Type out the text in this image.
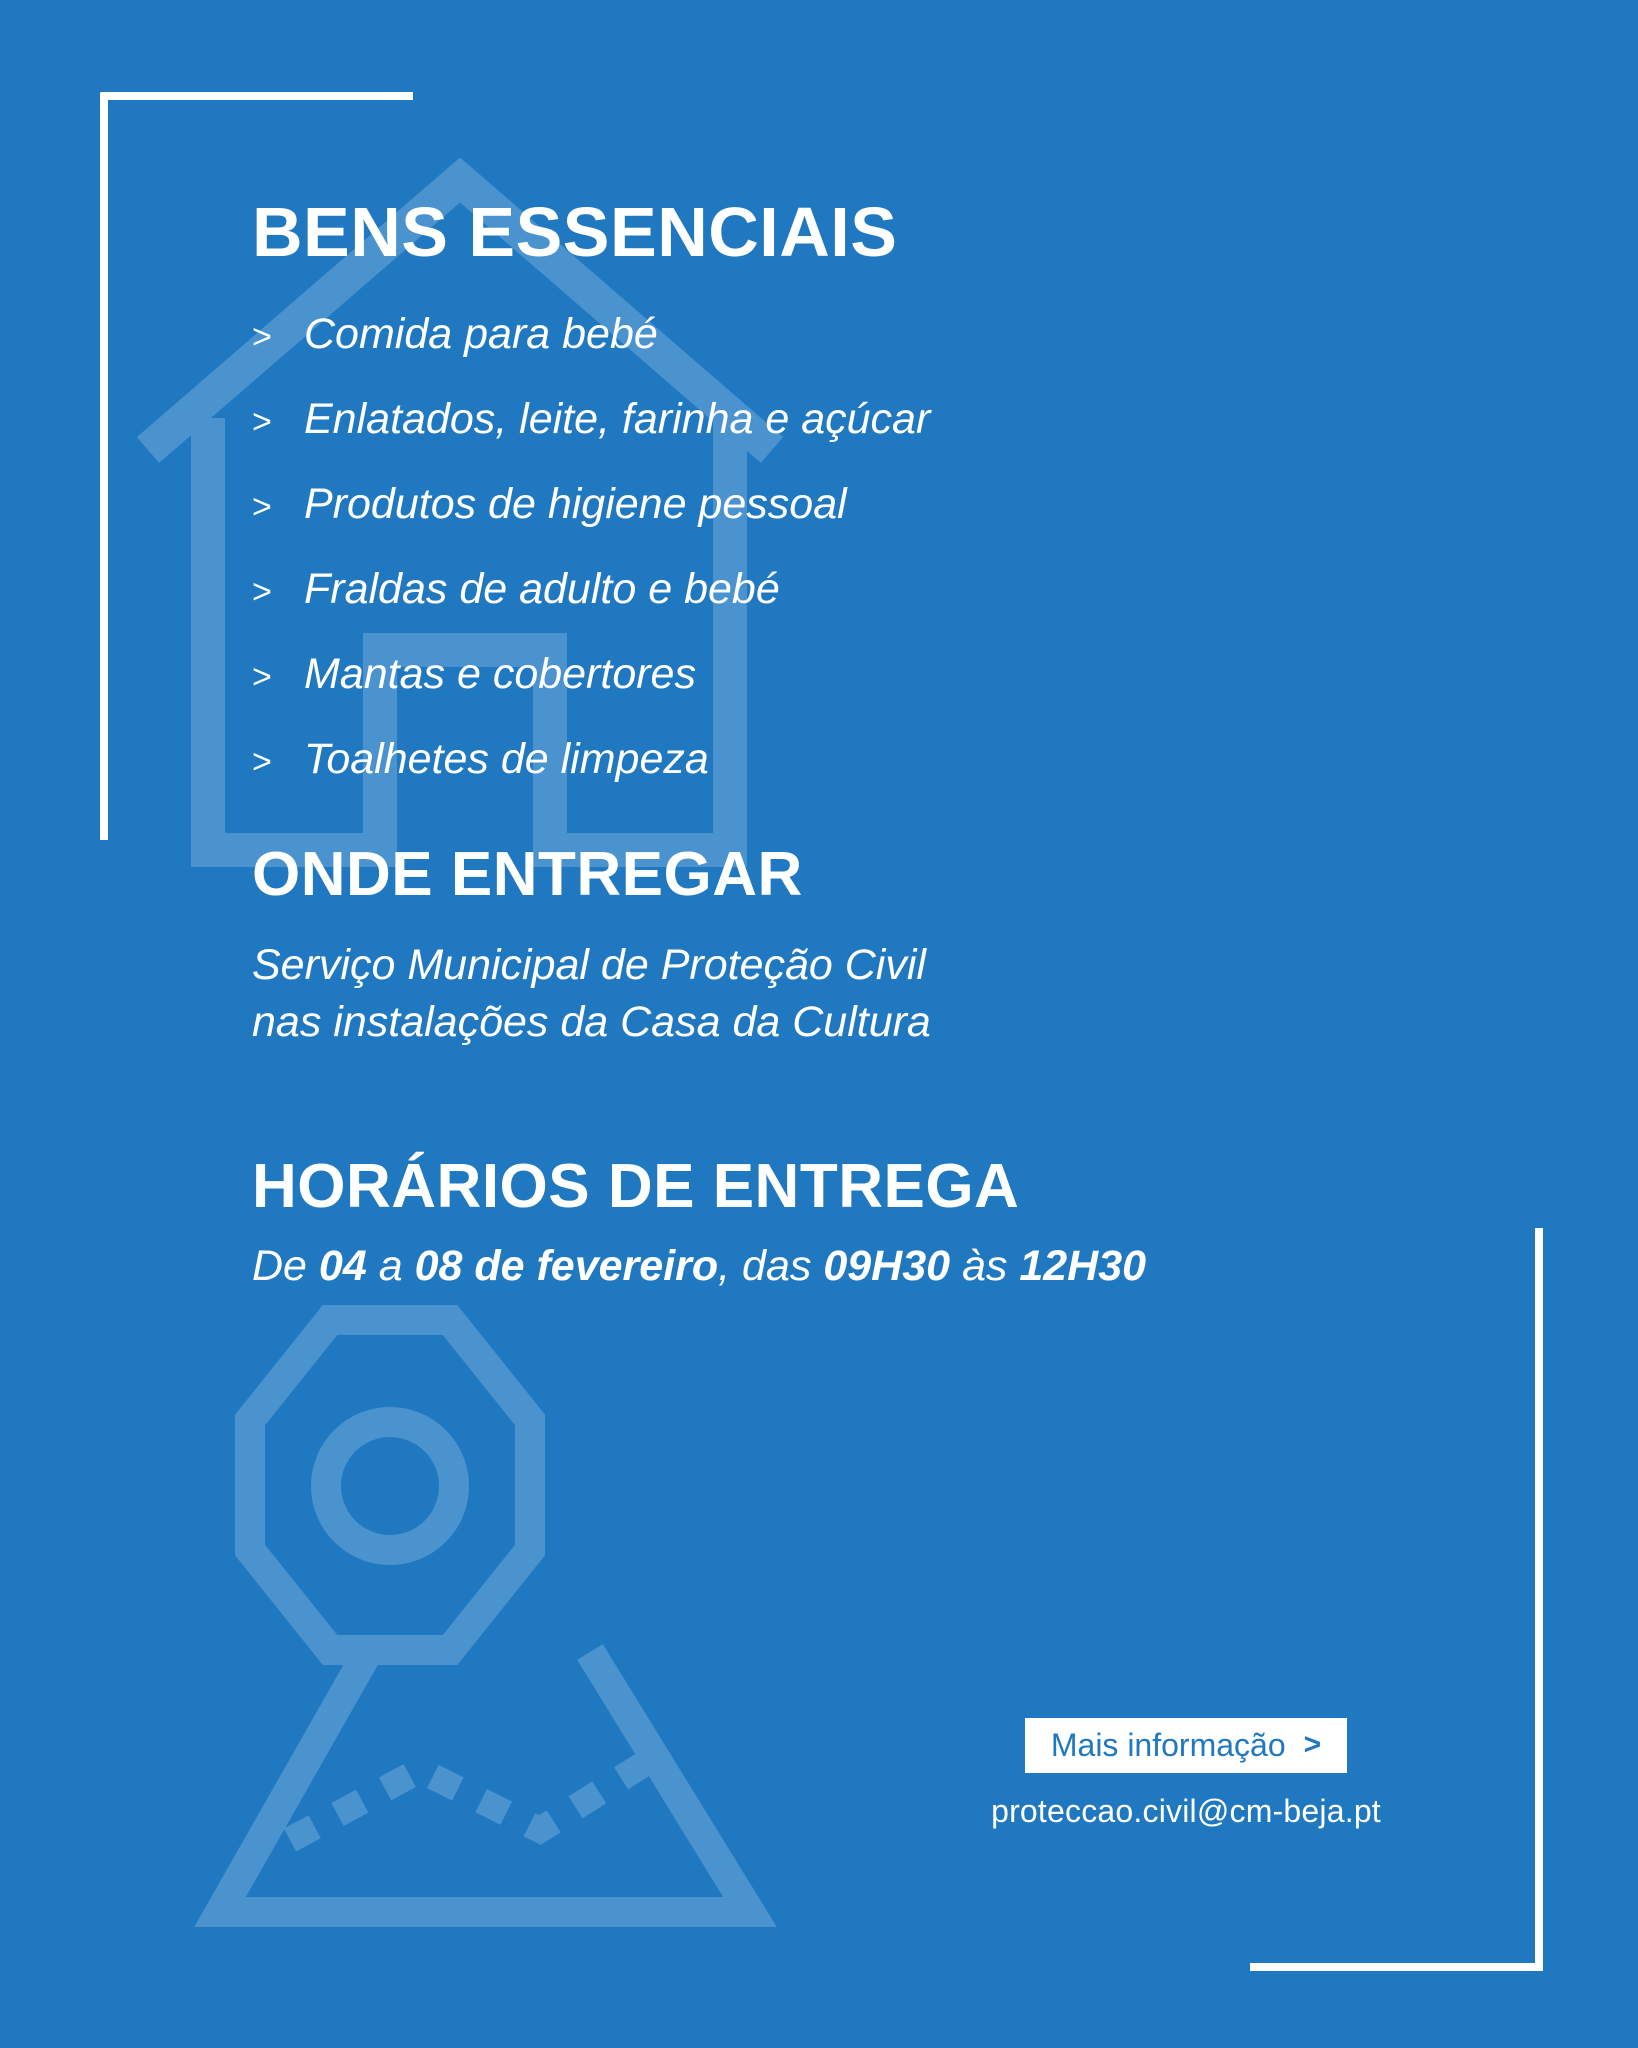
BENS ESSENCIAIS
> Comida para bebé
> Enlatados, leite, farinha e açúcar
> Produtos de higiene pessoal
> Fraldas de adulto e bebé
> Mantas e cobertores
> Toalhetes de limpeza
ONDE ENTREGAR
Serviço Municipal de Proteção Civil
nas instalações da Casa da Cultura
HORÁRIOS DE ENTREGA
De 04 a 08 de fevereiro, das 09H30 às 12H30
Mais informação >
proteccao.civil@cm-beja.pt
